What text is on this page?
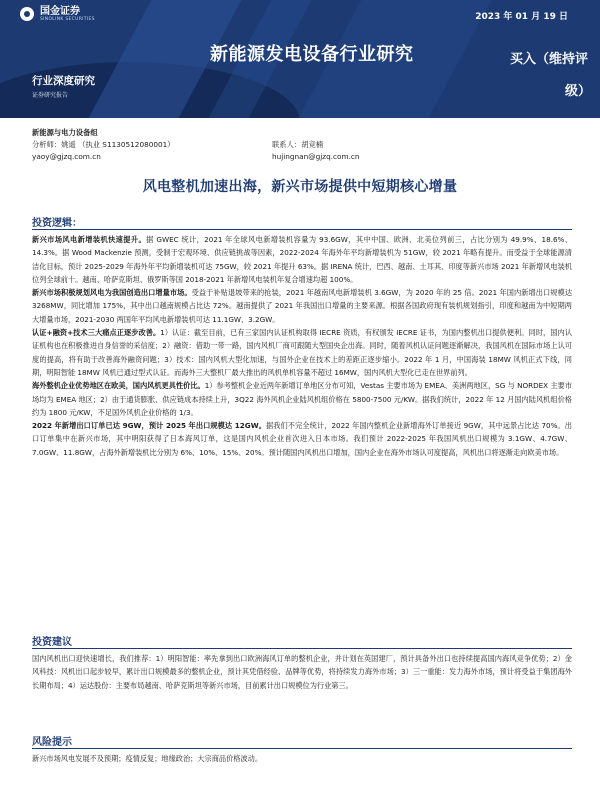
国金证券
SINOLINK SECURITIES	2023 年 01 月 19 日
新能源发电设备行业研究	买入（维持评
级）
行业深度研究
证券研究报告
新能源与电力设备组
分析师：姚遥 （执业 S1130512080001）	联系人：胡竞楠
yaoy@gjzq.com.cn	hujingnan@gjzq.com.cn
风电整机加速出海，新兴市场提供中短期核心增量
投资逻辑：

新兴市场风电新增装机快速提升。据 GWEC 统计，2021 年全球风电新增装机容量为 93.6GW，其中中国、欧洲、北美位列前三，占比分别为 49.9%、18.6%、14.3%。据 Wood Mackenzie 预测，受制于宏观环境、供应链挑战等因素，2022-2024 年海外年平均新增装机为 51GW，较 2021 年略有提升。而受益于全球能源清洁化目标，预计 2025-2029 年海外年平均新增装机可达 75GW，较 2021 年提升 63%。据 IRENA 统计，巴西、越南、土耳其、印度等新兴市场 2021 年新增风电装机位列全球前十。越南、哈萨克斯坦、俄罗斯等国 2018-2021 年新增风电装机年复合增速均超 100%。

新兴市场积极规划风电为我国创造出口增量市场。受益于补贴退坡带来的抢装，2021 年越南风电新增装机 3.6GW，为 2020 年的 25 倍。2021 年国内新增出口规模达 3268MW，同比增加 175%，其中出口越南规模占比达 72%。越南提供了 2021 年我国出口增量的主要来源。根据各国政府现有装机规划指引，印度和越南为中短期两大增量市场，2021-2030 两国年平均风电新增装机可达 11.1GW、3.2GW。

认证+融资+技术三大痛点正逐步改善。1）认证：截至目前，已有三家国内认证机构取得 IECRE 资质，有权颁发 IECRE 证书，为国内整机出口提供便利。同时，国内认证机构也在积极推进自身信誉的采信度；2）融资：借助一带一路，国内风机厂商可跟随大型国央企出海。同时，随着风机认证问题逐渐解决，我国风机在国际市场上认可度的提高，将有助于改善海外融资问题；3）技术：国内风机大型化加速，与国外企业在技术上的差距正逐步缩小。2022 年 1 月，中国海装 18MW 风机正式下线，同期，明阳智能 18MW 风机已通过型式认证。而海外三大整机厂最大推出的风机单机容量不超过 16MW，国内风机大型化已走在世界前列。

海外整机企业优势地区在欧美，国内风机更具性价比。1）参考整机企业近两年新增订单地区分布可知，Vestas 主要市场为 EMEA、美洲两地区，SG 与 NORDEX 主要市场均为 EMEA 地区；2）由于通货膨胀、供应链成本持续上升，3Q22 海外风机企业陆风机组价格在 5800-7500 元/KW。据我们统计，2022 年 12 月国内陆风机组价格约为 1800 元/KW，不足国外风机企业价格的 1/3。

2022 年新增出口订单已达 9GW，预计 2025 年出口规模达 12GW。据我们不完全统计，2022 年国内整机企业新增海外订单接近 9GW，其中远景占比达 70%。出口订单集中在新兴市场，其中明阳获得了日本海风订单，这是国内风机企业首次进入日本市场。我们预计 2022-2025 年我国风机出口规模为 3.1GW、4.7GW、7.0GW、11.8GW，占海外新增装机比分别为 6%、10%、15%、20%。预计随国内风机出口增加，国内企业在海外市场认可度提高，风机出口将逐渐走向欧美市场。

投资建议
国内风机出口迎快速增长，我们推荐：1）明阳智能：率先拿到出口欧洲海风订单的整机企业，并计划在英国建厂，预计具备外出口也持续提高国内海风竞争优势；2）金风科技：风机出口起步较早，累计出口规模最多的整机企业，预计其凭借经验、品牌等优势，将持续发力海外市场；3）三一重能：发力海外市场，预计将受益于集团海外长期布局；4）运达股份：主要布局越南、哈萨克斯坦等新兴市场，目前累计出口规模位为行业第三。
风险提示
新兴市场风电发展不及预期；疫情反复；地缘政治；大宗商品价格波动。
